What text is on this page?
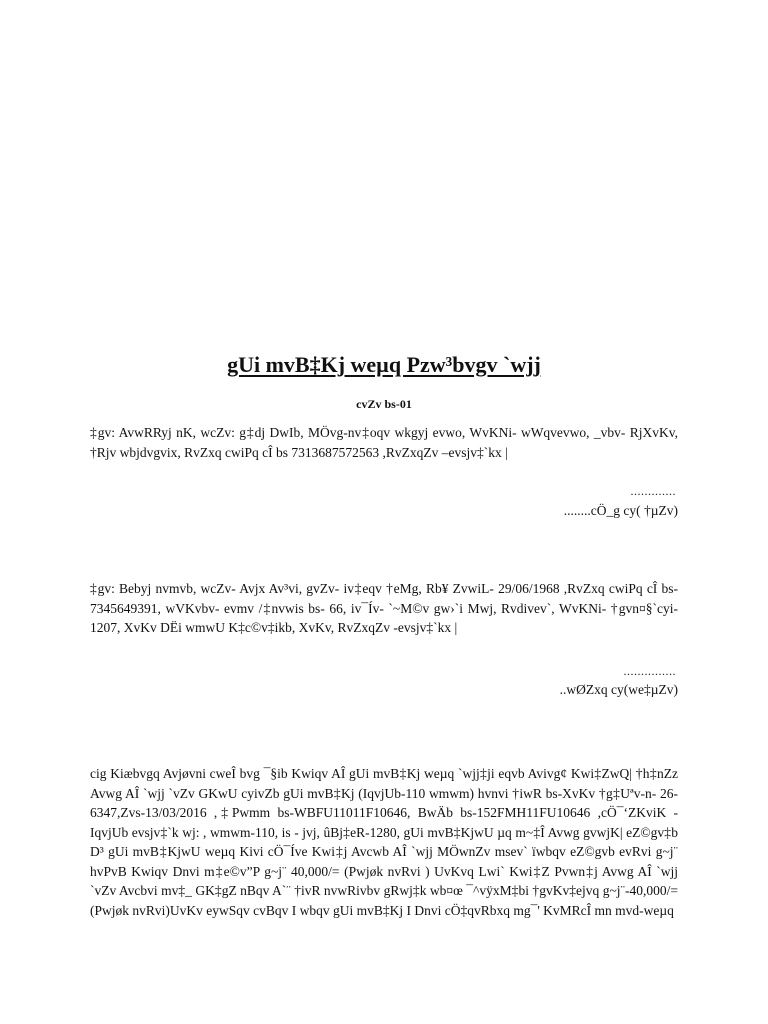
gUi mvB‡Kj weµq Pzw³bvgv `wjj
cvZv bs-01
‡gv: AvwRRyj nK, wcZv: g‡dj DwIb, MÖvg-nv‡oqv wkgyj evwo, WvKNi- wWqvevwo, _vbv- RjXvKv, †Rjv wbjdvgvix, RvZxq cwiPq cÎ bs 7313687572563 ,RvZxqZv –evsjv‡`kx |
.............
........cÖ_g cy( †µZv)
‡gv: Bebyj nvmvb, wcZv- Avjx Av³vi, gvZv- iv‡eqv †eMg, Rb¥ ZvwiL- 29/06/1968 ,RvZxq cwiPq cÎ bs- 7345649391, wVKvbv- evmv /‡nvwis bs- 66, iv¯Ív- `~M©v gw›`i Mwj, Rvdivev`, WvKNi- †gvn¤§`cyi-1207, XvKv DËi wmwU K‡c©v‡ikb, XvKv, RvZxqZv -evsjv‡`kx |
...............
..wØZxq cy(we‡µZv)
cig Kiæbvgq Avjøvni cweÎ bvg ¯§ib Kwiqv AÎ gUi mvB‡Kj weµq `wjj‡ji eqvb Avivg¢ Kwi‡ZwQ| †h‡nZz Avwg AÎ `wjj `vZv GKwU cyivZb gUi mvB‡Kj (IqvjUb-110 wmwm) hvnvi †iwR bs-XvKv †g‡Uªv-n- 26-6347,Zvs-13/03/2016 ,‡Pwmm bs-WBFU11011F10646, BwÄb bs-152FMH11FU10646 ,cÖ¯‘ZKviK -IqvjUb evsjv‡`k wj: , wmwm-110, is - jvj, ûBj‡eR-1280, gUi mvB‡KjwU µq m~‡Î Avwg gvwjK| eZ©gv‡b D³ gUi mvB‡KjwU weµq Kivi cÖ¯Íve Kwi‡j Avcwb AÎ `wjj MÖwnZv msev` ïwbqv eZ©gvb evRvi g~j¨ hvPvB Kwiqv Dnvi m‡e©v”P g~j¨ 40,000/= (Pwjøk nvRvi ) UvKvq Lwi` Kwi‡Z Pvwn‡j Avwg AÎ `wjj `vZv Avcbvi mv‡_ GK‡gZ nBqv A`¨ †ivR nvwRivbv gRwj‡k wb¤œ ¯^vÿxM‡bi †gvKv‡ejvq g~j¨-40,000/= (Pwjøk nvRvi)UvKv eywSqv cvBqv I wbqv gUi mvB‡Kj I Dnvi cÖ‡qvRbxq mg¯' KvMRcÎ mn mvd-weµq
